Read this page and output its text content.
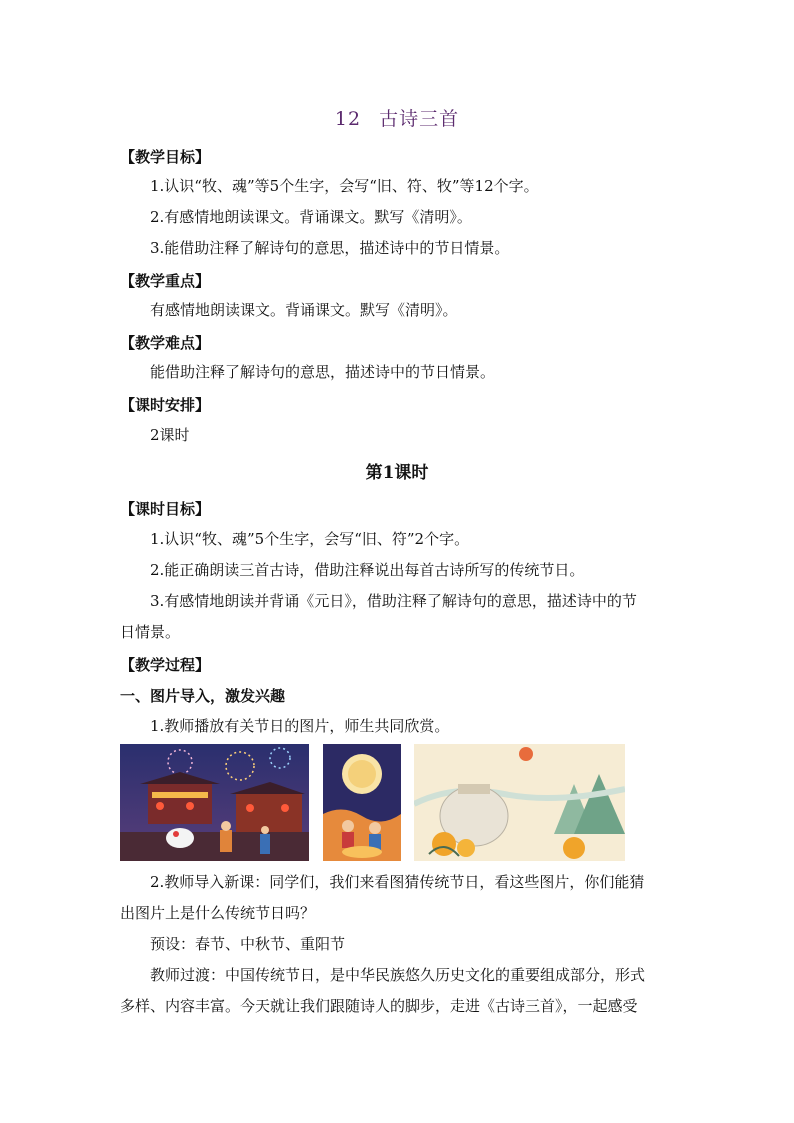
12 古诗三首
【教学目标】
1.认识“牧、魂”等5个生字，会写“旧、符、牧”等12个字。
2.有感情地朗读课文。背诵课文。默写《清明》。
3.能借助注释了解诗句的意思，描述诗中的节日情景。
【教学重点】
有感情地朗读课文。背诵课文。默写《清明》。
【教学难点】
能借助注释了解诗句的意思，描述诗中的节日情景。
【课时安排】
2课时
第1课时
【课时目标】
1.认识“牧、魂”5个生字，会写“旧、符”2个字。
2.能正确朗读三首古诗，借助注释说出每首古诗所写的传统节日。
3.有感情地朗读并背诵《元日》，借助注释了解诗句的意思，描述诗中的节
日情景。
【教学过程】
一、图片导入，激发兴趣
1.教师播放有关节日的图片，师生共同欣赏。
2.教师导入新课：同学们，我们来看图猜传统节日，看这些图片，你们能猜
出图片上是什么传统节日吗？
预设：春节、中秋节、重阳节
教师过渡：中国传统节日，是中华民族悠久历史文化的重要组成部分，形式
多样、内容丰富。今天就让我们跟随诗人的脚步，走进《古诗三首》，一起感受
